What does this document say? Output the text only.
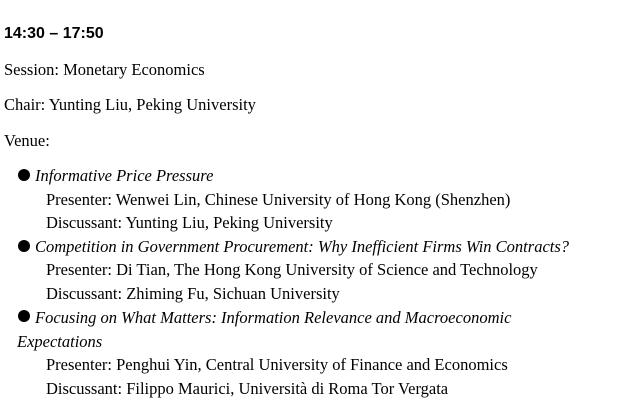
14:30 – 17:50
Session: Monetary Economics
Chair: Yunting Liu, Peking University
Venue:
Informative Price Pressure
Presenter: Wenwei Lin, Chinese University of Hong Kong (Shenzhen)
Discussant: Yunting Liu, Peking University
Competition in Government Procurement: Why Inefficient Firms Win Contracts?
Presenter: Di Tian, The Hong Kong University of Science and Technology
Discussant: Zhiming Fu, Sichuan University
Focusing on What Matters: Information Relevance and Macroeconomic Expectations
Presenter: Penghui Yin, Central University of Finance and Economics
Discussant: Filippo Maurici, Università di Roma Tor Vergata
